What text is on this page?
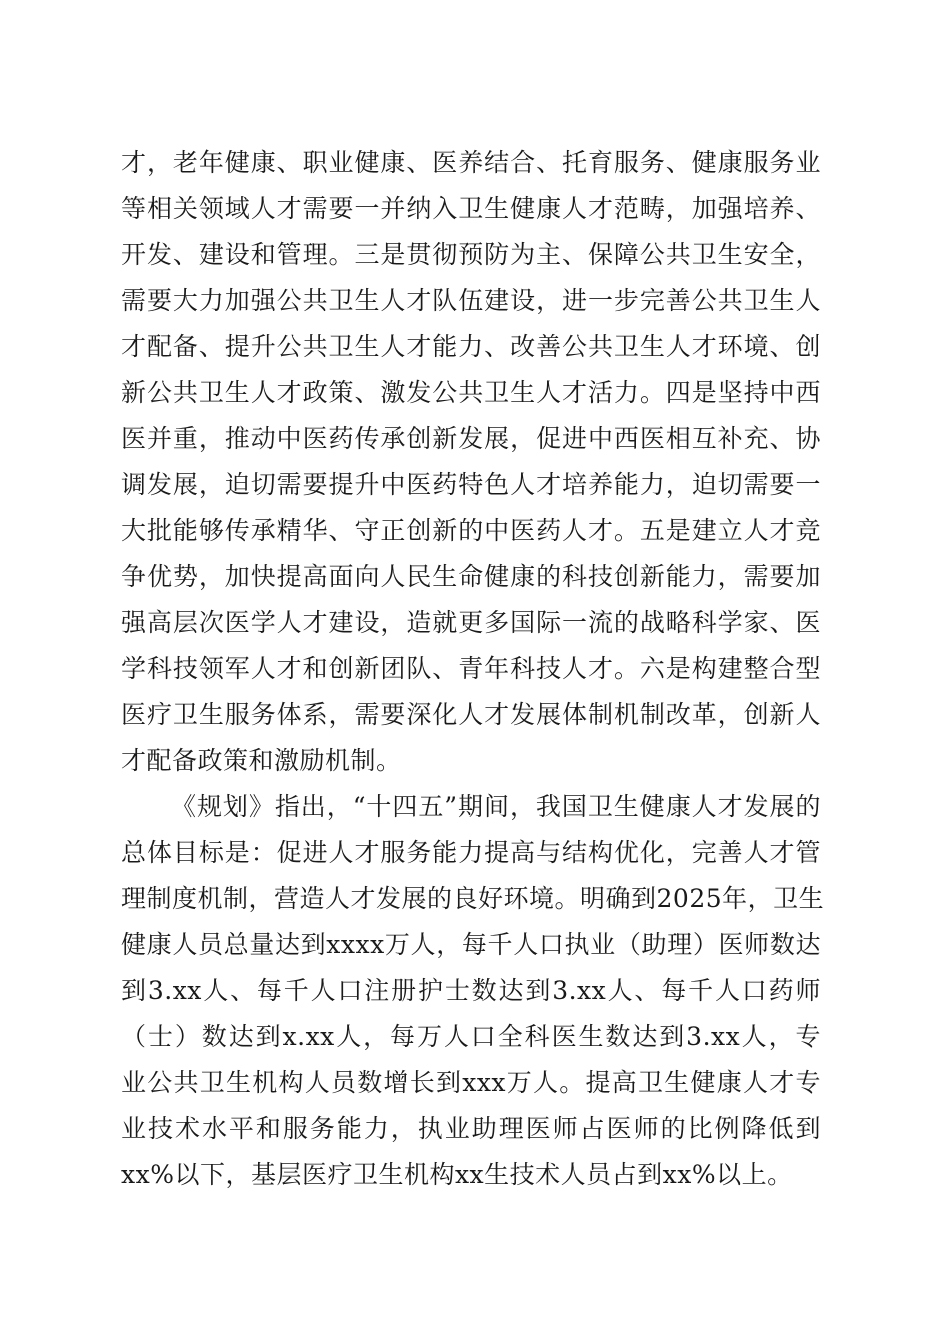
才，老年健康、职业健康、医养结合、托育服务、健康服务业
等相关领域人才需要一并纳入卫生健康人才范畴，加强培养、
开发、建设和管理。三是贯彻预防为主、保障公共卫生安全，
需要大力加强公共卫生人才队伍建设，进一步完善公共卫生人
才配备、提升公共卫生人才能力、改善公共卫生人才环境、创
新公共卫生人才政策、激发公共卫生人才活力。四是坚持中西
医并重，推动中医药传承创新发展，促进中西医相互补充、协
调发展，迫切需要提升中医药特色人才培养能力，迫切需要一
大批能够传承精华、守正创新的中医药人才。五是建立人才竞
争优势，加快提高面向人民生命健康的科技创新能力，需要加
强高层次医学人才建设，造就更多国际一流的战略科学家、医
学科技领军人才和创新团队、青年科技人才。六是构建整合型
医疗卫生服务体系，需要深化人才发展体制机制改革，创新人
才配备政策和激励机制。
《规划》指出，“十四五”期间，我国卫生健康人才发展的
总体目标是：促进人才服务能力提高与结构优化，完善人才管
理制度机制，营造人才发展的良好环境。明确到2025年，卫生
健康人员总量达到xxxx万人，每千人口执业（助理）医师数达
到3.xx人、每千人口注册护士数达到3.xx人、每千人口药师
（士）数达到x.xx人，每万人口全科医生数达到3.xx人，专
业公共卫生机构人员数增长到xxx万人。提高卫生健康人才专
业技术水平和服务能力，执业助理医师占医师的比例降低到
xx%以下，基层医疗卫生机构xx生技术人员占到xx%以上。
